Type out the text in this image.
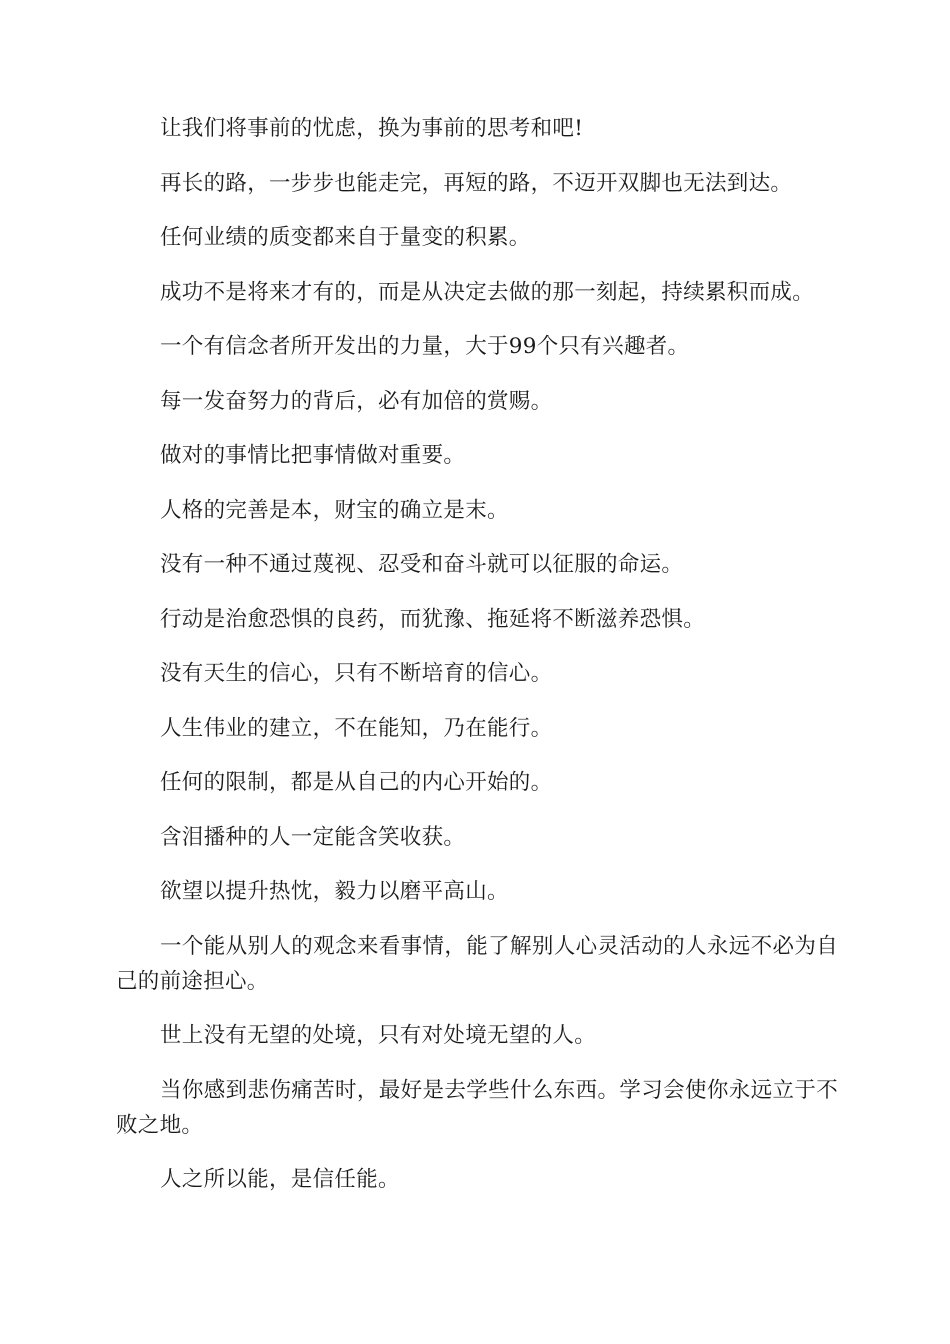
让我们将事前的忧虑，换为事前的思考和吧!

再长的路，一步步也能走完，再短的路，不迈开双脚也无法到达。

任何业绩的质变都来自于量变的积累。

成功不是将来才有的，而是从决定去做的那一刻起，持续累积而成。

一个有信念者所开发出的力量，大于99个只有兴趣者。

每一发奋努力的背后，必有加倍的赏赐。

做对的事情比把事情做对重要。

人格的完善是本，财宝的确立是末。

没有一种不通过蔑视、忍受和奋斗就可以征服的命运。

行动是治愈恐惧的良药，而犹豫、拖延将不断滋养恐惧。

没有天生的信心，只有不断培育的信心。

人生伟业的建立，不在能知，乃在能行。

任何的限制，都是从自己的内心开始的。

含泪播种的人一定能含笑收获。

欲望以提升热忱，毅力以磨平高山。

一个能从别人的观念来看事情，能了解别人心灵活动的人永远不必为自己的前途担心。

世上没有无望的处境，只有对处境无望的人。

当你感到悲伤痛苦时，最好是去学些什么东西。学习会使你永远立于不败之地。

人之所以能，是信任能。
